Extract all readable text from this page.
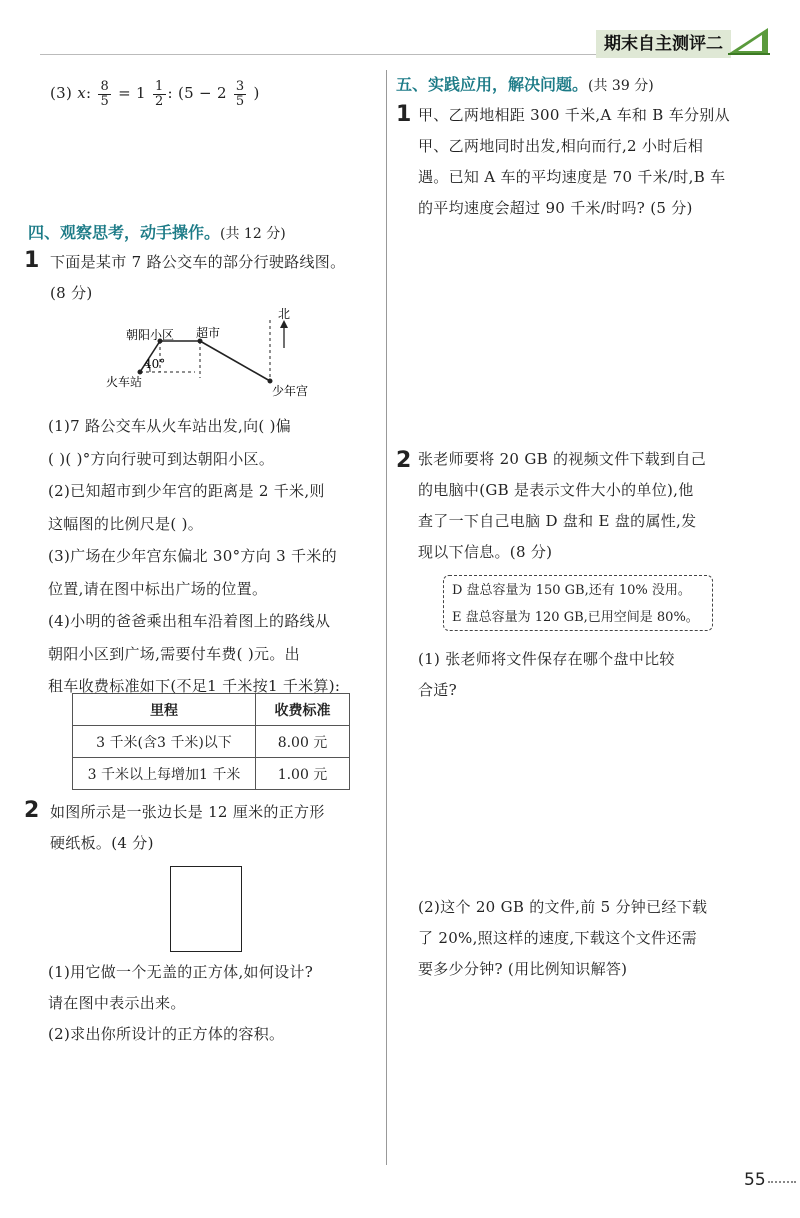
期末自主测评二
(3) x: $\frac{8}{5} = 1 \frac{1}{2}$ : ($5 - 2 \frac{3}{5}$ )
四、观察思考，动手操作。(共 12 分)
1 下面是某市 7 路公交车的部分行驶路线图。

(8 分)

朝阳小区 超市
火车站
少年宫
北
40°

(1)7 路公交车从火车站出发,向( )偏

( )( )°方向行驶可到达朝阳小区。

(2)已知超市到少年宫的距离是 2 千米,则

这幅图的比例尺是( )。

(3)广场在少年宫东偏北 30°方向 3 千米的

位置,请在图中标出广场的位置。

(4)小明的爸爸乘出租车沿着图上的路线从

朝阳小区到广场,需要付车费( )元。出

租车收费标准如下(不足1 千米按1 千米算):

里程	收费标准
3 千米(含3 千米)以下	8.00 元
3 千米以上每增加1 千米	1.00 元
2 如图所示是一张边长是 12 厘米的正方形

硬纸板。(4 分)

(1)用它做一个无盖的正方体,如何设计?

请在图中表示出来。

(2)求出你所设计的正方体的容积。

五、实践应用，解决问题。(共 39 分)
1 甲、乙两地相距 300 千米,A 车和 B 车分别从

甲、乙两地同时出发,相向而行,2 小时后相

遇。已知 A 车的平均速度是 70 千米/时,B 车

的平均速度会超过 90 千米/时吗? (5 分)

2 张老师要将 20 GB 的视频文件下载到自己

的电脑中(GB 是表示文件大小的单位),他

查了一下自己电脑 D 盘和 E 盘的属性,发

现以下信息。(8 分)

D 盘总容量为 150 GB,还有 10% 没用。
E 盘总容量为 120 GB,已用空间是 80%。

(1) 张老师将文件保存在哪个盘中比较

合适?

(2)这个 20 GB 的文件,前 5 分钟已经下载

了 20%,照这样的速度,下载这个文件还需

要多少分钟? (用比例知识解答)

55
